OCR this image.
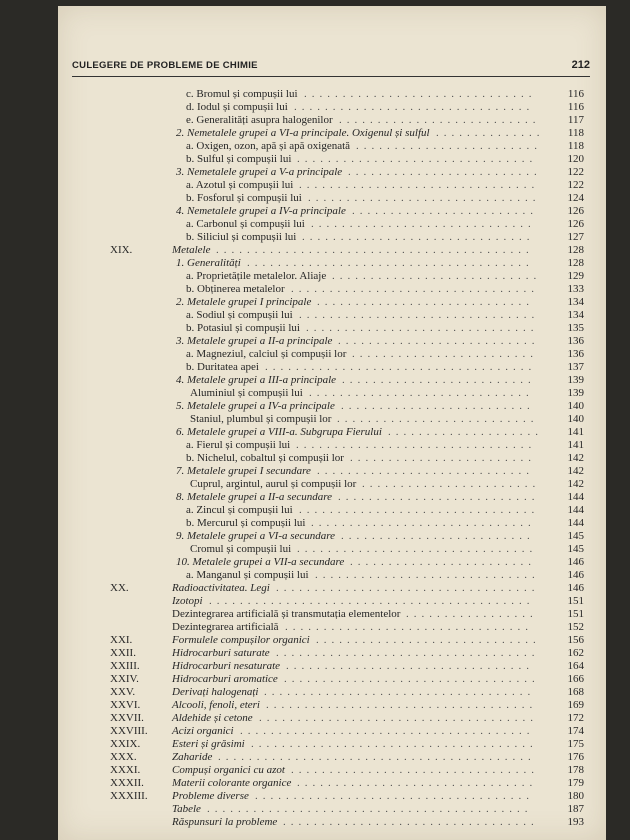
CULEGERE DE PROBLEME DE CHIMIE	212
c. Bromul și compușii lui ..............................	116
d. Iodul și compușii lui ...............................	116
e. Generalități asupra halogenilor ..........................	117
2. Nemetalele grupei a VI-a principale. Oxigenul și sulful ..............	118
a. Oxigen, ozon, apă și apă oxigenată ........................	118
b. Sulful și compușii lui ...............................	120
3. Nemetalele grupei a V-a principale .........................	122
a. Azotul și compușii lui ...............................	122
b. Fosforul și compușii lui ..............................	124
4. Nemetalele grupei a IV-a principale ........................	126
a. Carbonul și compușii lui .............................	126
b. Siliciul și compușii lui ..............................	127
XIX.	Metalele .........................................	128
1. Generalități .....................................	128
a. Proprietățile metalelor. Aliaje ...........................	129
b. Obținerea metalelor ................................	133
2. Metalele grupei I principale ............................	134
a. Sodiul și compușii lui ...............................	134
b. Potasiul și compușii lui ..............................	135
3. Metalele grupei a II-a principale ..........................	136
a. Magneziul, calciul și compușii lor ........................	136
b. Duritatea apei ...................................	137
4. Metalele grupei a III-a principale .........................	139
Aluminiul și compușii lui .............................	139
5. Metalele grupei a IV-a principale .........................	140
Staniul, plumbul și compușii lor ..........................	140
6. Metalele grupei a VIII-a. Subgrupa Fierului ....................	141
a. Fierul și compușii lui ...............................	141
b. Nichelul, cobaltul și compușii lor ........................	142
7. Metalele grupei I secundare ............................	142
Cuprul, argintul, aurul și compușii lor .......................	142
8. Metalele grupei a II-a secundare ..........................	144
a. Zincul și compușii lui ...............................	144
b. Mercurul și compușii lui .............................	144
9. Metalele grupei a VI-a secundare .........................	145
Cromul și compușii lui ...............................	145
10. Metalele grupei a VII-a secundare ........................	146
a. Manganul și compușii lui .............................	146
XX.	Radioactivitatea. Legi ..................................	146
Izotopi ..........................................	151
Dezintegrarea artificială și transmutația elementelor .................	151
Dezintegrarea artificială ................................	152
XXI.	Formulele compușilor organici .............................	156
XXII.	Hidrocarburi saturate ..................................	162
XXIII.	Hidrocarburi nesaturate ................................	164
XXIV.	Hidrocarburi aromatice .................................	166
XXV.	Derivați halogenați ...................................	168
XXVI.	Alcooli, fenoli, eteri ...................................	169
XXVII.	Aldehide și cetone ....................................	172
XXVIII. Acizi organici ......................................	174
XXIX.	Esteri și grăsimi .....................................	175
XXX.	Zaharide .........................................	176
XXXI.	Compuși organici cu azot ................................	178
XXXII.	Materii colorante organice ...............................	179
XXXIII. Probleme diverse ....................................	180
Tabele ..........................................	187
Răspunsuri la probleme .................................	193
